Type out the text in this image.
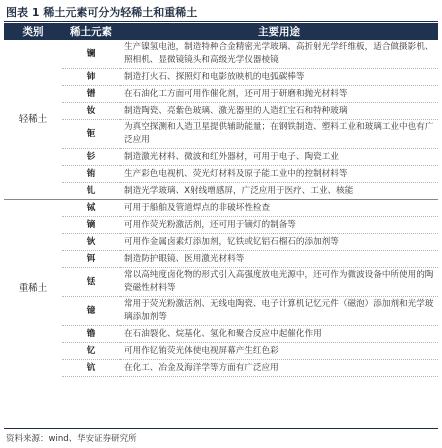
图表 1 稀土元素可分为轻稀土和重稀土
类别	稀土元素	主要用途
轻稀土	镧	生产镍氢电池，制造特种合金精密光学玻璃、高折射光学纤维板，适合做摄影机、照相机、显微镜镜头和高级光学仪器棱镜
	铈	制造打火石、探照灯和电影放映机的电弧碳棒等
	镨	在石油化工方面可用作催化剂，还可用于研磨和抛光材料等
	钕	制造陶瓷、亮紫色玻璃、激光器里的人造红宝石和特种玻璃
	钷	为真空探测和人造卫星提供辅助能量；在钢铁制造、塑料工业和玻璃工业中也有广泛应用
	钐	制造激光材料、微波和红外器材，可用于电子、陶瓷工业
	铕	生产彩色电视机、荧光灯材料及原子能工业中的控制材料等
	钆	制造光学玻璃、X射线增感屏，广泛应用于医疗、工业、核能
重稀土	铽	可用于船舶及管道焊点的非破坏性检查
	镝	可用作荧光粉激活剂，还可用于镝灯的制备等
	钬	可用作金属卤素灯添加剂，钇铁或钇铝石榴石的添加剂等
	铒	制造防护眼镜、医用激光材料等
	铥	常以高纯度卤化物的形式引入高强度放电光源中，还可作为微波设备中所使用的陶瓷磁性材料等
	镱	常用于荧光粉激活剂、无线电陶瓷、电子计算机记忆元件（磁泡）添加剂和光学玻璃添加剂等
	镥	在石油裂化、烷基化、氢化和聚合反应中起催化作用
	钇	可用作钇铕荧光体使电视屏幕产生红色彩
	钪	在化工、冶金及海洋学等方面有广泛应用
资料来源：wind、华安证券研究所
